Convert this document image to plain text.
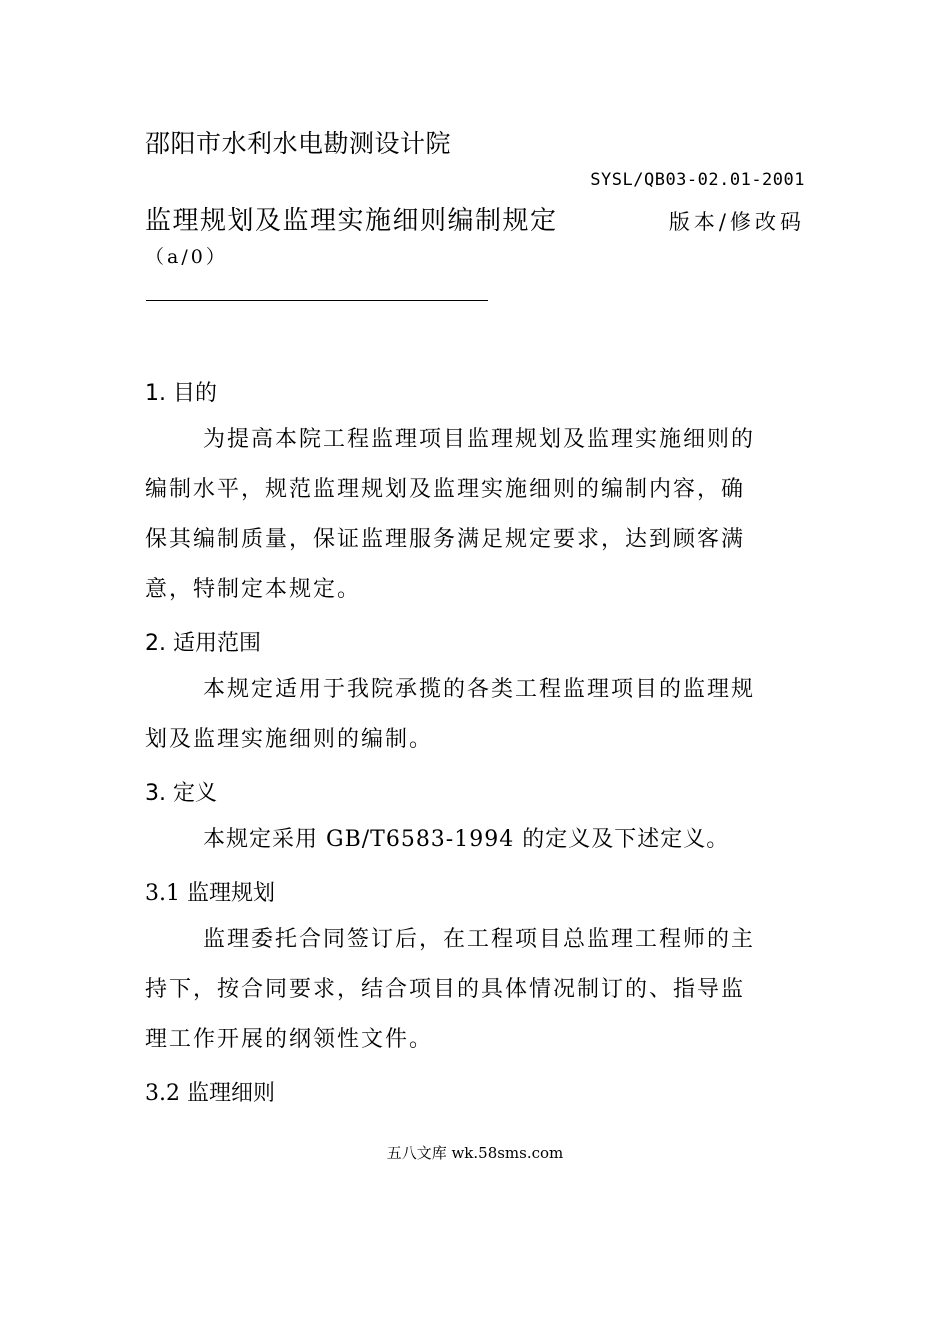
邵阳市水利水电勘测设计院
SYSL/QB03-02.01-2001
监理规划及监理实施细则编制规定	版本/修改码
（a/0）
1. 目的
为提高本院工程监理项目监理规划及监理实施细则的
编制水平，规范监理规划及监理实施细则的编制内容，确
保其编制质量，保证监理服务满足规定要求，达到顾客满
意，特制定本规定。
2. 适用范围
本规定适用于我院承揽的各类工程监理项目的监理规
划及监理实施细则的编制。
3. 定义
本规定采用 GB/T6583-1994 的定义及下述定义。
3.1 监理规划
监理委托合同签订后，在工程项目总监理工程师的主
持下，按合同要求，结合项目的具体情况制订的、指导监
理工作开展的纲领性文件。
3.2 监理细则
五八文库 wk.58sms.com
